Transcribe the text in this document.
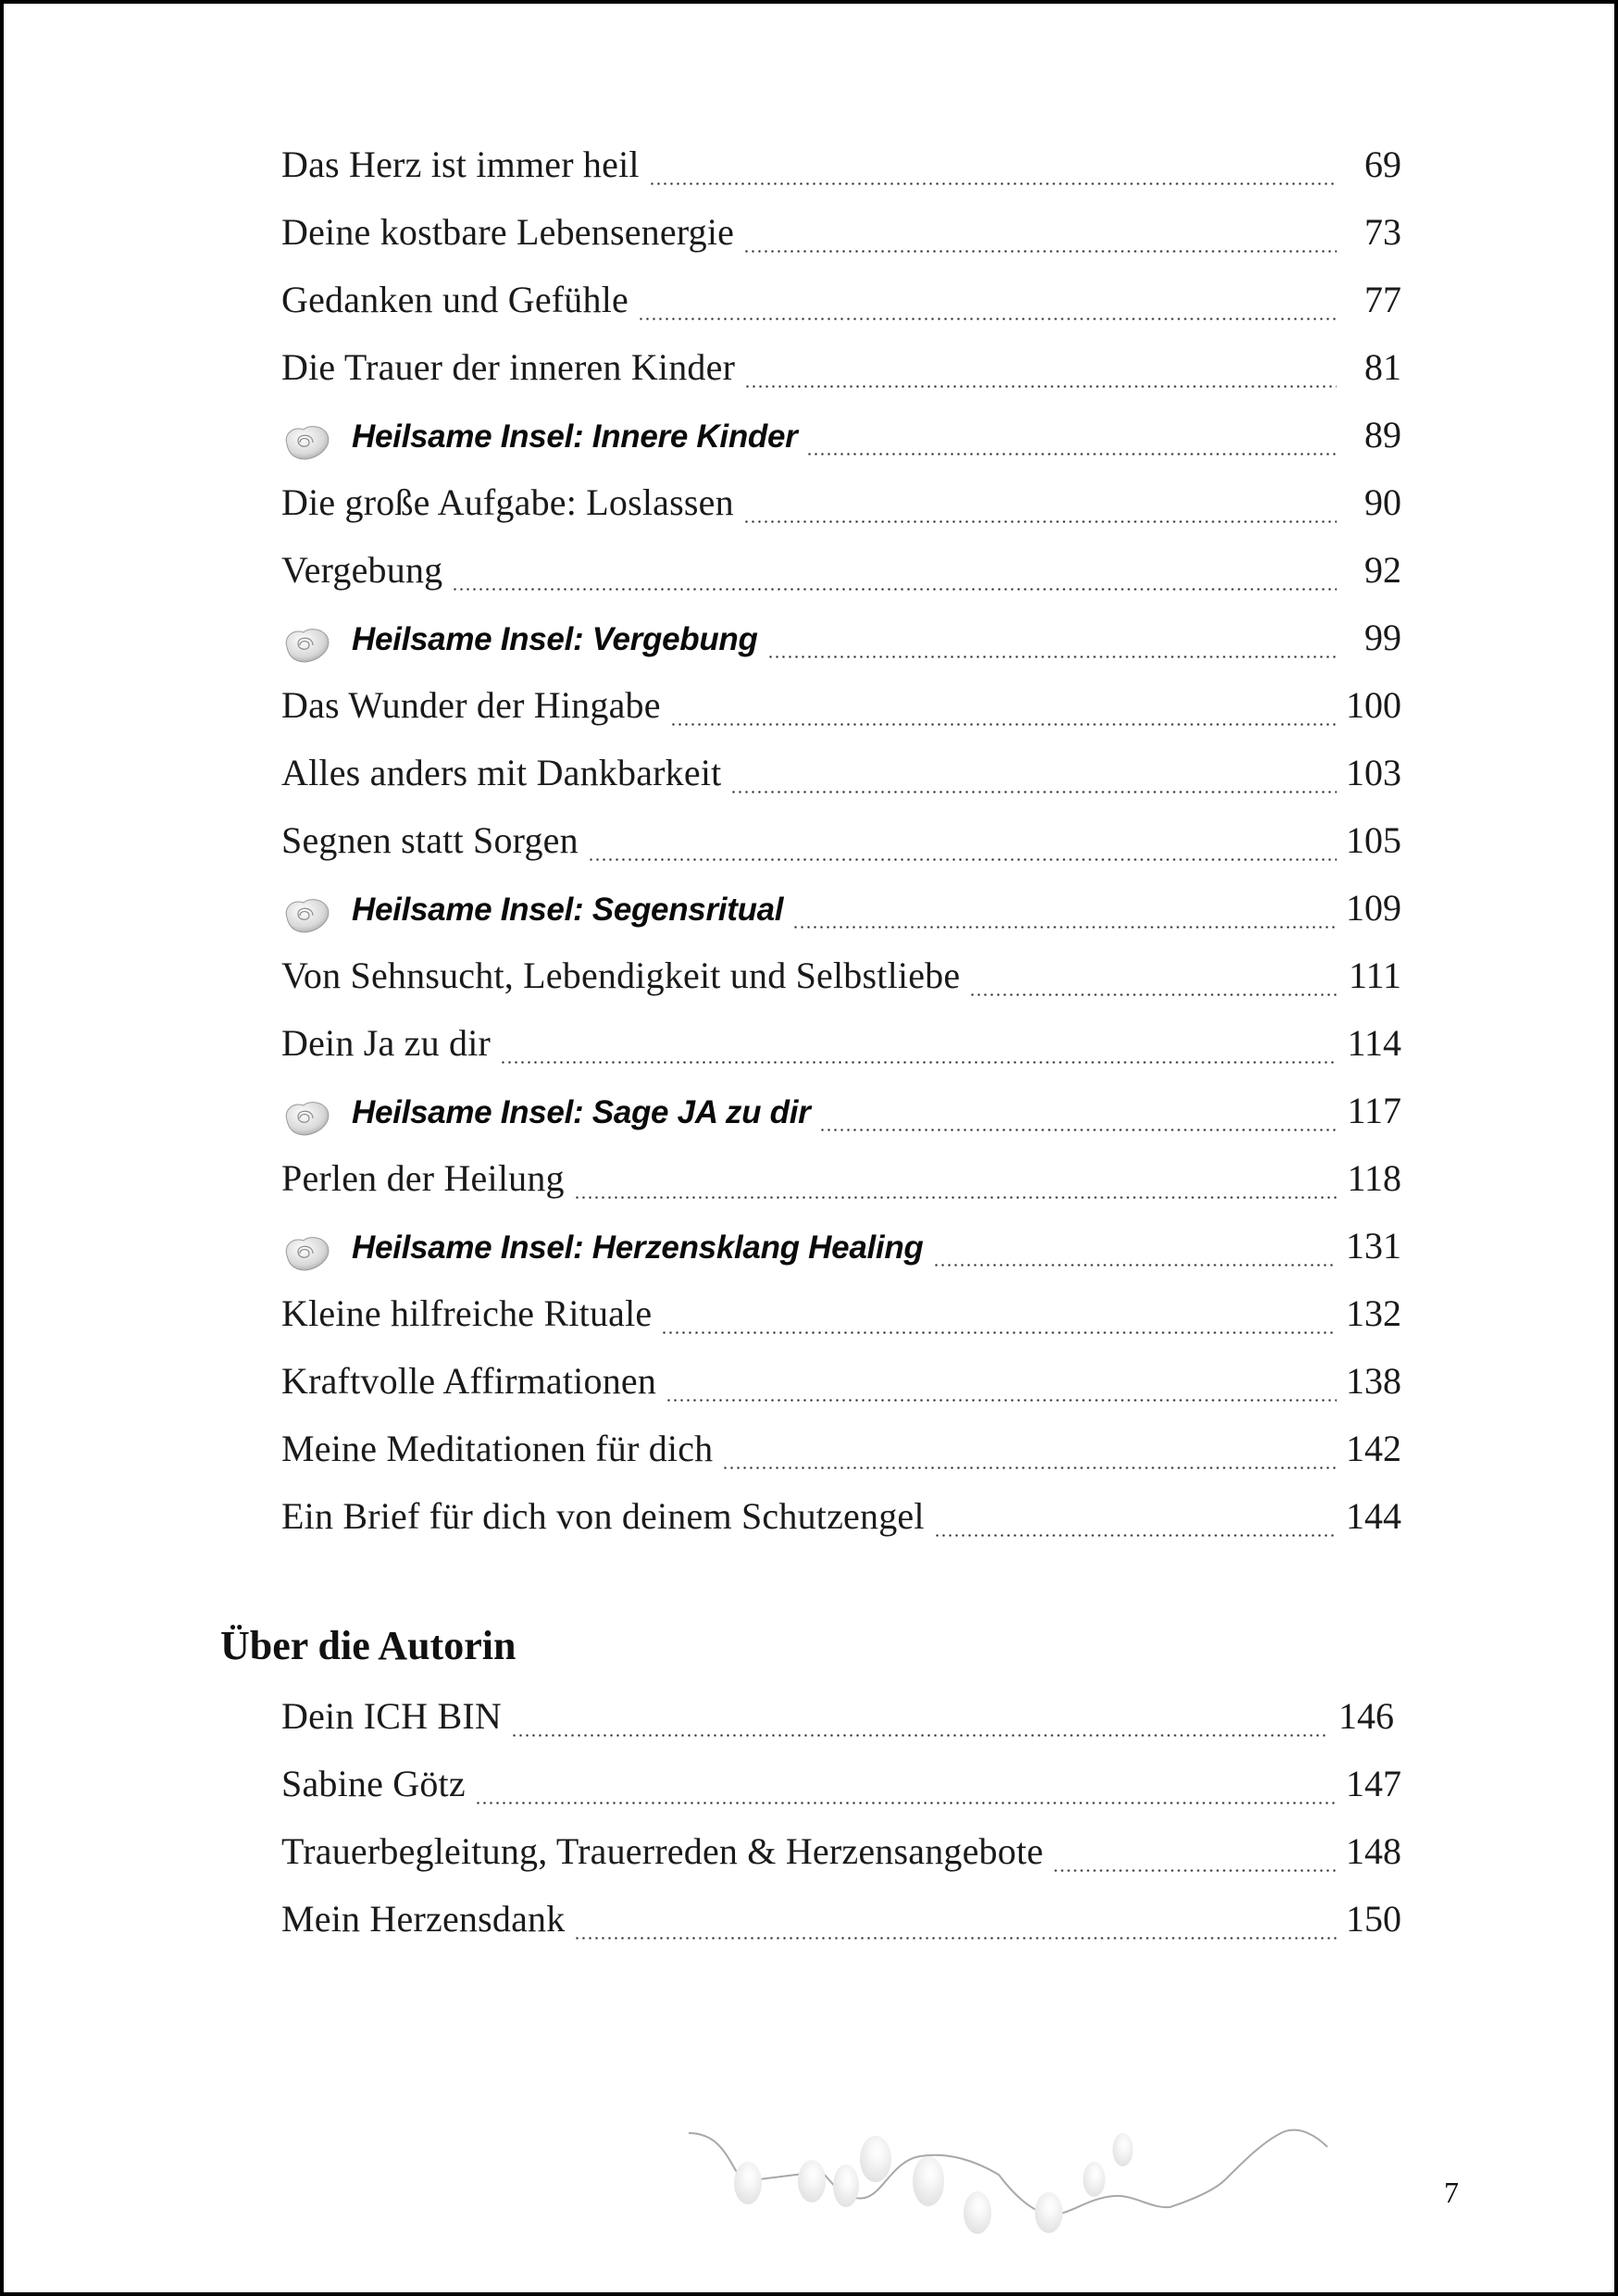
Das Herz ist immer heil	69
Deine kostbare Lebensenergie	73
Gedanken und Gefühle	77
Die Trauer der inneren Kinder	81
Heilsame Insel: Innere Kinder	89
Die große Aufgabe: Loslassen	90
Vergebung	92
Heilsame Insel: Vergebung	99
Das Wunder der Hingabe	100
Alles anders mit Dankbarkeit	103
Segnen statt Sorgen	105
Heilsame Insel: Segensritual	109
Von Sehnsucht, Lebendigkeit und Selbstliebe	111
Dein Ja zu dir	114
Heilsame Insel: Sage JA zu dir	117
Perlen der Heilung	118
Heilsame Insel: Herzensklang Healing	131
Kleine hilfreiche Rituale	132
Kraftvolle Affirmationen	138
Meine Meditationen für dich	142
Ein Brief für dich von deinem Schutzengel	144
Über die Autorin
Dein ICH BIN	146
Sabine Götz	147
Trauerbegleitung, Trauerreden & Herzensangebote	148
Mein Herzensdank	150
7
